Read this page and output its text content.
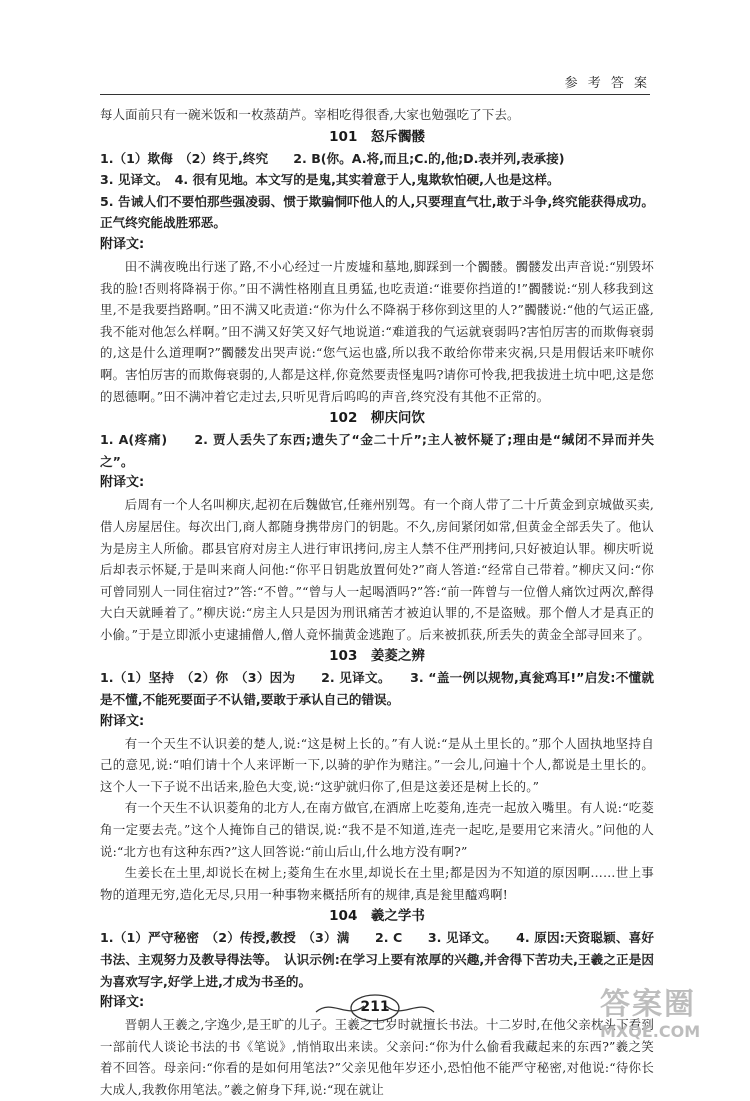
参 考 答 案

每人面前只有一碗米饭和一枚蒸葫芦。宰相吃得很香,大家也勉强吃了下去。

101　怒斥髑髅

1.（1）欺侮　（2）终于,终究　　2. B(你。A.将,而且;C.的,他;D.表并列,表承接)

3. 见译文。　4. 很有见地。本文写的是鬼,其实着意于人,鬼欺软怕硬,人也是这样。

5. 告诫人们不要怕那些强凌弱、惯于欺骗恫吓他人的人,只要理直气壮,敢于斗争,终究能获得成功。正气终究能战胜邪恶。

附译文:

田不满夜晚出行迷了路,不小心经过一片废墟和墓地,脚踩到一个髑髅。髑髅发出声音说:“别毁坏我的脸!否则将降祸于你。”田不满性格刚直且勇猛,也吃责道:“谁要你挡道的!”髑髅说:“别人移我到这里,不是我要挡路啊。”田不满又叱责道:“你为什么不降祸于移你到这里的人?”髑髅说:“他的气运正盛,我不能对他怎么样啊。”田不满又好笑又好气地说道:“难道我的气运就衰弱吗?害怕厉害的而欺侮衰弱的,这是什么道理啊?”髑髅发出哭声说:“您气运也盛,所以我不敢给你带来灾祸,只是用假话来吓唬你啊。害怕厉害的而欺侮衰弱的,人都是这样,你竟然要责怪鬼吗?请你可怜我,把我拔进土坑中吧,这是您的恩德啊。”田不满冲着它走过去,只听见背后呜呜的声音,终究没有其他不正常的。

102　柳庆问饮

1. A(疼痛)　　2. 贾人丢失了东西;遗失了“金二十斤”;主人被怀疑了;理由是“缄闭不异而并失之”。

附译文:

后周有一个人名叫柳庆,起初在后魏做官,任雍州别驾。有一个商人带了二十斤黄金到京城做买卖,借人房屋居住。每次出门,商人都随身携带房门的钥匙。不久,房间紧闭如常,但黄金全部丢失了。他认为是房主人所偷。郡县官府对房主人进行审讯拷问,房主人禁不住严刑拷问,只好被迫认罪。柳庆听说后却表示怀疑,于是叫来商人问他:“你平日钥匙放置何处?”商人答道:“经常自己带着。”柳庆又问:“你可曾同别人一同住宿过?”答:“不曾。”“曾与人一起喝酒吗?”答:“前一阵曾与一位僧人痛饮过两次,醉得大白天就睡着了。”柳庆说:“房主人只是因为刑讯痛苦才被迫认罪的,不是盗贼。那个僧人才是真正的小偷。”于是立即派小吏逮捕僧人,僧人竟怀揣黄金逃跑了。后来被抓获,所丢失的黄金全部寻回来了。

103　姜菱之辨

1.（1）坚持　（2）你　（3）因为　　2. 见译文。　　3. “盖一例以规物,真瓮鸡耳!”启发:不懂就是不懂,不能死要面子不认错,要敢于承认自己的错误。

附译文:

有一个天生不认识姜的楚人,说:“这是树上长的。”有人说:“是从土里长的。”那个人固执地坚持自己的意见,说:“咱们请十个人来评断一下,以骑的驴作为赌注。”一会儿,问遍十个人,都说是土里长的。这个人一下子说不出话来,脸色大变,说:“这驴就归你了,但是这姜还是树上长的。”

有一个天生不认识菱角的北方人,在南方做官,在酒席上吃菱角,连壳一起放入嘴里。有人说:“吃菱角一定要去壳。”这个人掩饰自己的错误,说:“我不是不知道,连壳一起吃,是要用它来清火。”问他的人说:“北方也有这种东西?”这人回答说:“前山后山,什么地方没有啊?”

生姜长在土里,却说长在树上;菱角生在水里,却说长在土里;都是因为不知道的原因啊……世上事物的道理无穷,造化无尽,只用一种事物来概括所有的规律,真是瓮里醯鸡啊!

104　羲之学书

1.（1）严守秘密　（2）传授,教授　（3）满　　2. C　　3. 见译文。　　4. 原因:天资聪颖、喜好书法、主观努力及教导得法等。　认识示例:在学习上要有浓厚的兴趣,并舍得下苦功夫,王羲之正是因为喜欢写字,好学上进,才成为书圣的。

附译文:

晋朝人王羲之,字逸少,是王旷的儿子。王羲之七岁时就擅长书法。十二岁时,在他父亲枕头下看到一部前代人谈论书法的书《笔说》,悄悄取出来读。父亲问:“你为什么偷看我藏起来的东西?”羲之笑着不回答。母亲问:“你看的是如何用笔法?”父亲见他年岁还小,恐怕他不能严守秘密,对他说:“待你长大成人,我教你用笔法。”羲之俯身下拜,说:“现在就让

211	答案圈
MXQE.COM
